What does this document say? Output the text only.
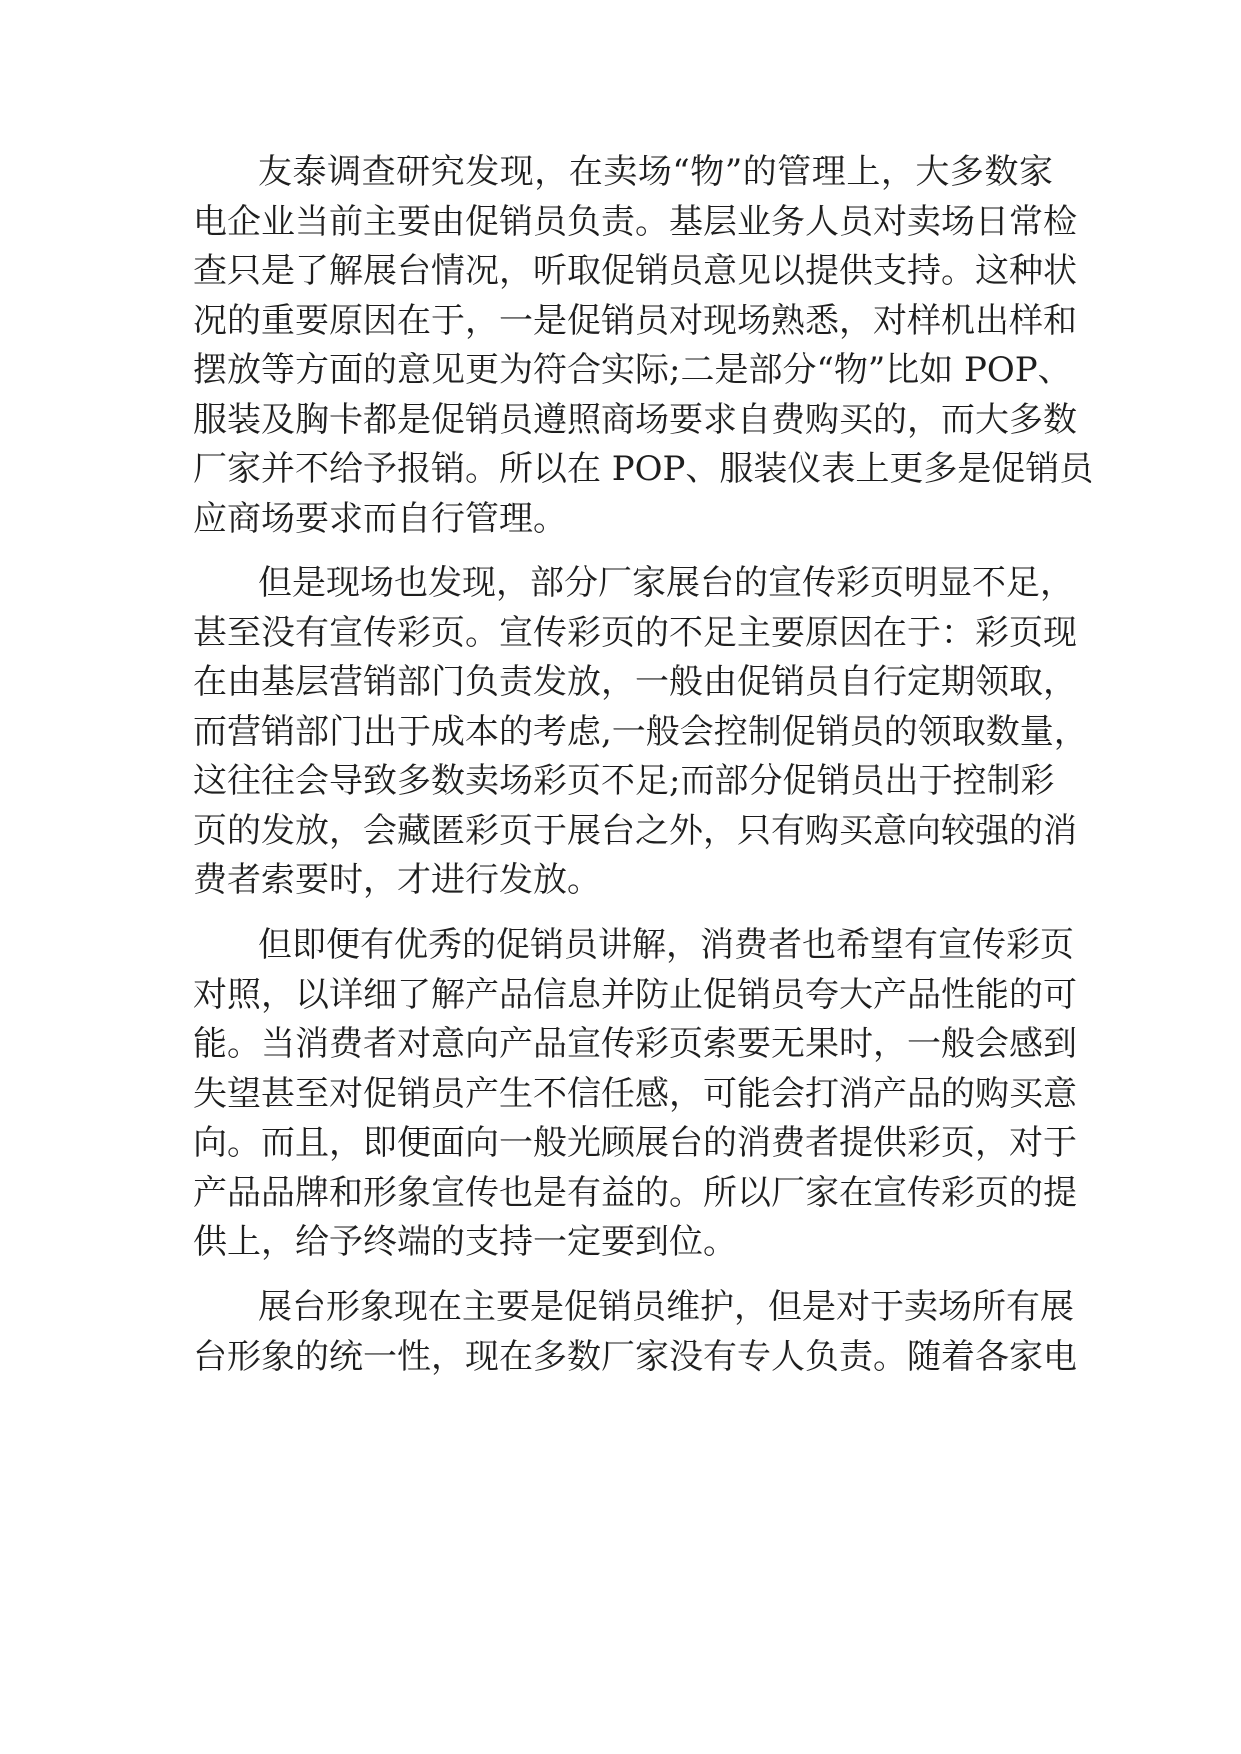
友泰调查研究发现，在卖场“物”的管理上，大多数家
电企业当前主要由促销员负责。基层业务人员对卖场日常检
查只是了解展台情况，听取促销员意见以提供支持。这种状
况的重要原因在于，一是促销员对现场熟悉，对样机出样和
摆放等方面的意见更为符合实际;二是部分“物”比如 POP、
服装及胸卡都是促销员遵照商场要求自费购买的，而大多数
厂家并不给予报销。所以在 POP、服装仪表上更多是促销员
应商场要求而自行管理。
但是现场也发现，部分厂家展台的宣传彩页明显不足，
甚至没有宣传彩页。宣传彩页的不足主要原因在于：彩页现
在由基层营销部门负责发放，一般由促销员自行定期领取，
而营销部门出于成本的考虑,一般会控制促销员的领取数量，
这往往会导致多数卖场彩页不足;而部分促销员出于控制彩
页的发放，会藏匿彩页于展台之外，只有购买意向较强的消
费者索要时，才进行发放。
但即便有优秀的促销员讲解，消费者也希望有宣传彩页
对照，以详细了解产品信息并防止促销员夸大产品性能的可
能。当消费者对意向产品宣传彩页索要无果时，一般会感到
失望甚至对促销员产生不信任感，可能会打消产品的购买意
向。而且，即便面向一般光顾展台的消费者提供彩页，对于
产品品牌和形象宣传也是有益的。所以厂家在宣传彩页的提
供上，给予终端的支持一定要到位。
展台形象现在主要是促销员维护，但是对于卖场所有展
台形象的统一性，现在多数厂家没有专人负责。随着各家电
